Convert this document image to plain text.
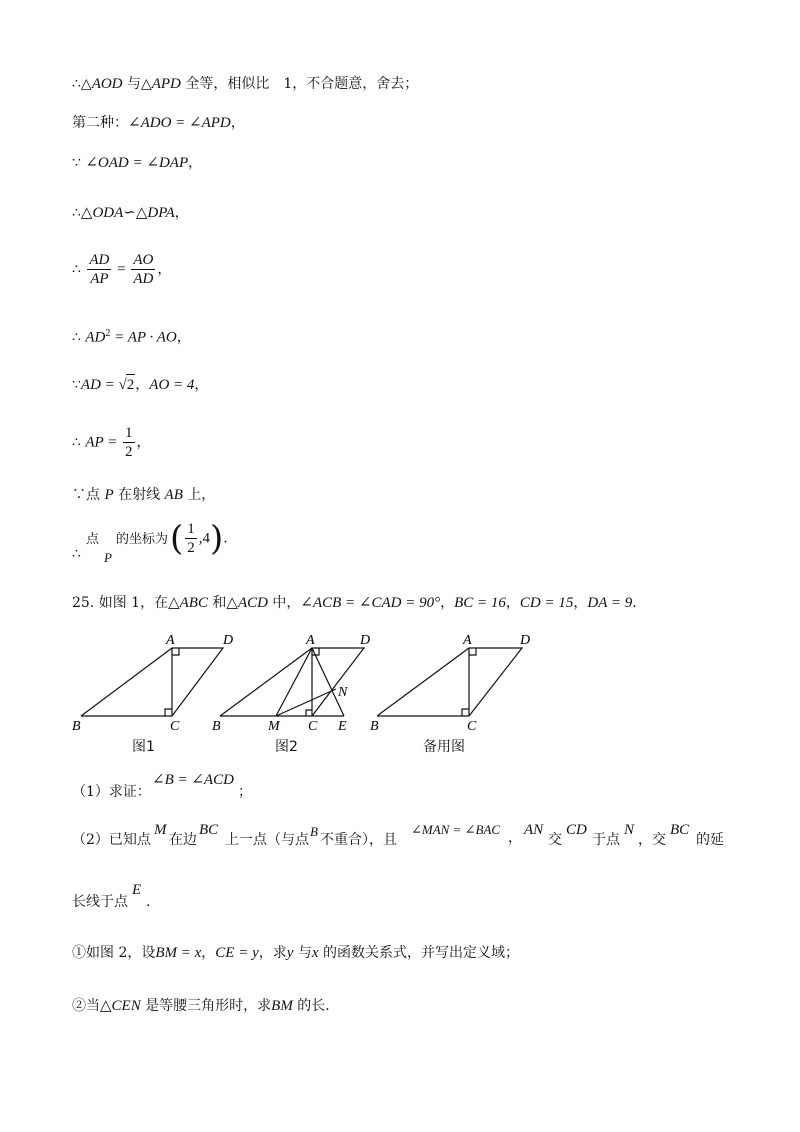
∴△AOD 与△APD 全等，相似比　1，不合题意，舍去；
第二种：∠ADO = ∠APD，
∵ ∠OAD = ∠DAP，
∴△ODA∽△DPA，
∴ $\frac{AD}{AP} = \frac{AO}{AD}$ ，
∴ $AD^2$ = AP · AO，
∵AD = √2，AO = 4，
∴ AP = $\frac{1}{2}$ ，
∵点 P 在射线 AB 上，
∴
点
P
的坐标为 ( $\frac{1}{2} ,4$).
25. 如图 1，在△ABC 和△ACD 中，∠ACB = ∠CAD = 90°，BC = 16，CD = 15，DA = 9.
A	D
B	C
A	D
B	M C E
N
A	D
B	C
图1	图2	备用图
（1）求证：
∠B = ∠ACD
；
（2）已知点
M
在边
BC
上一点（与点
B
不重合），且
∠MAN = ∠BAC
， AN
交
CD
于点
N
，交
BC
的延
长线于点
E
.
①如图 2，设BM = x，CE = y，求y 与x 的函数关系式，并写出定义域；
②当△CEN 是等腰三角形时，求BM 的长.
